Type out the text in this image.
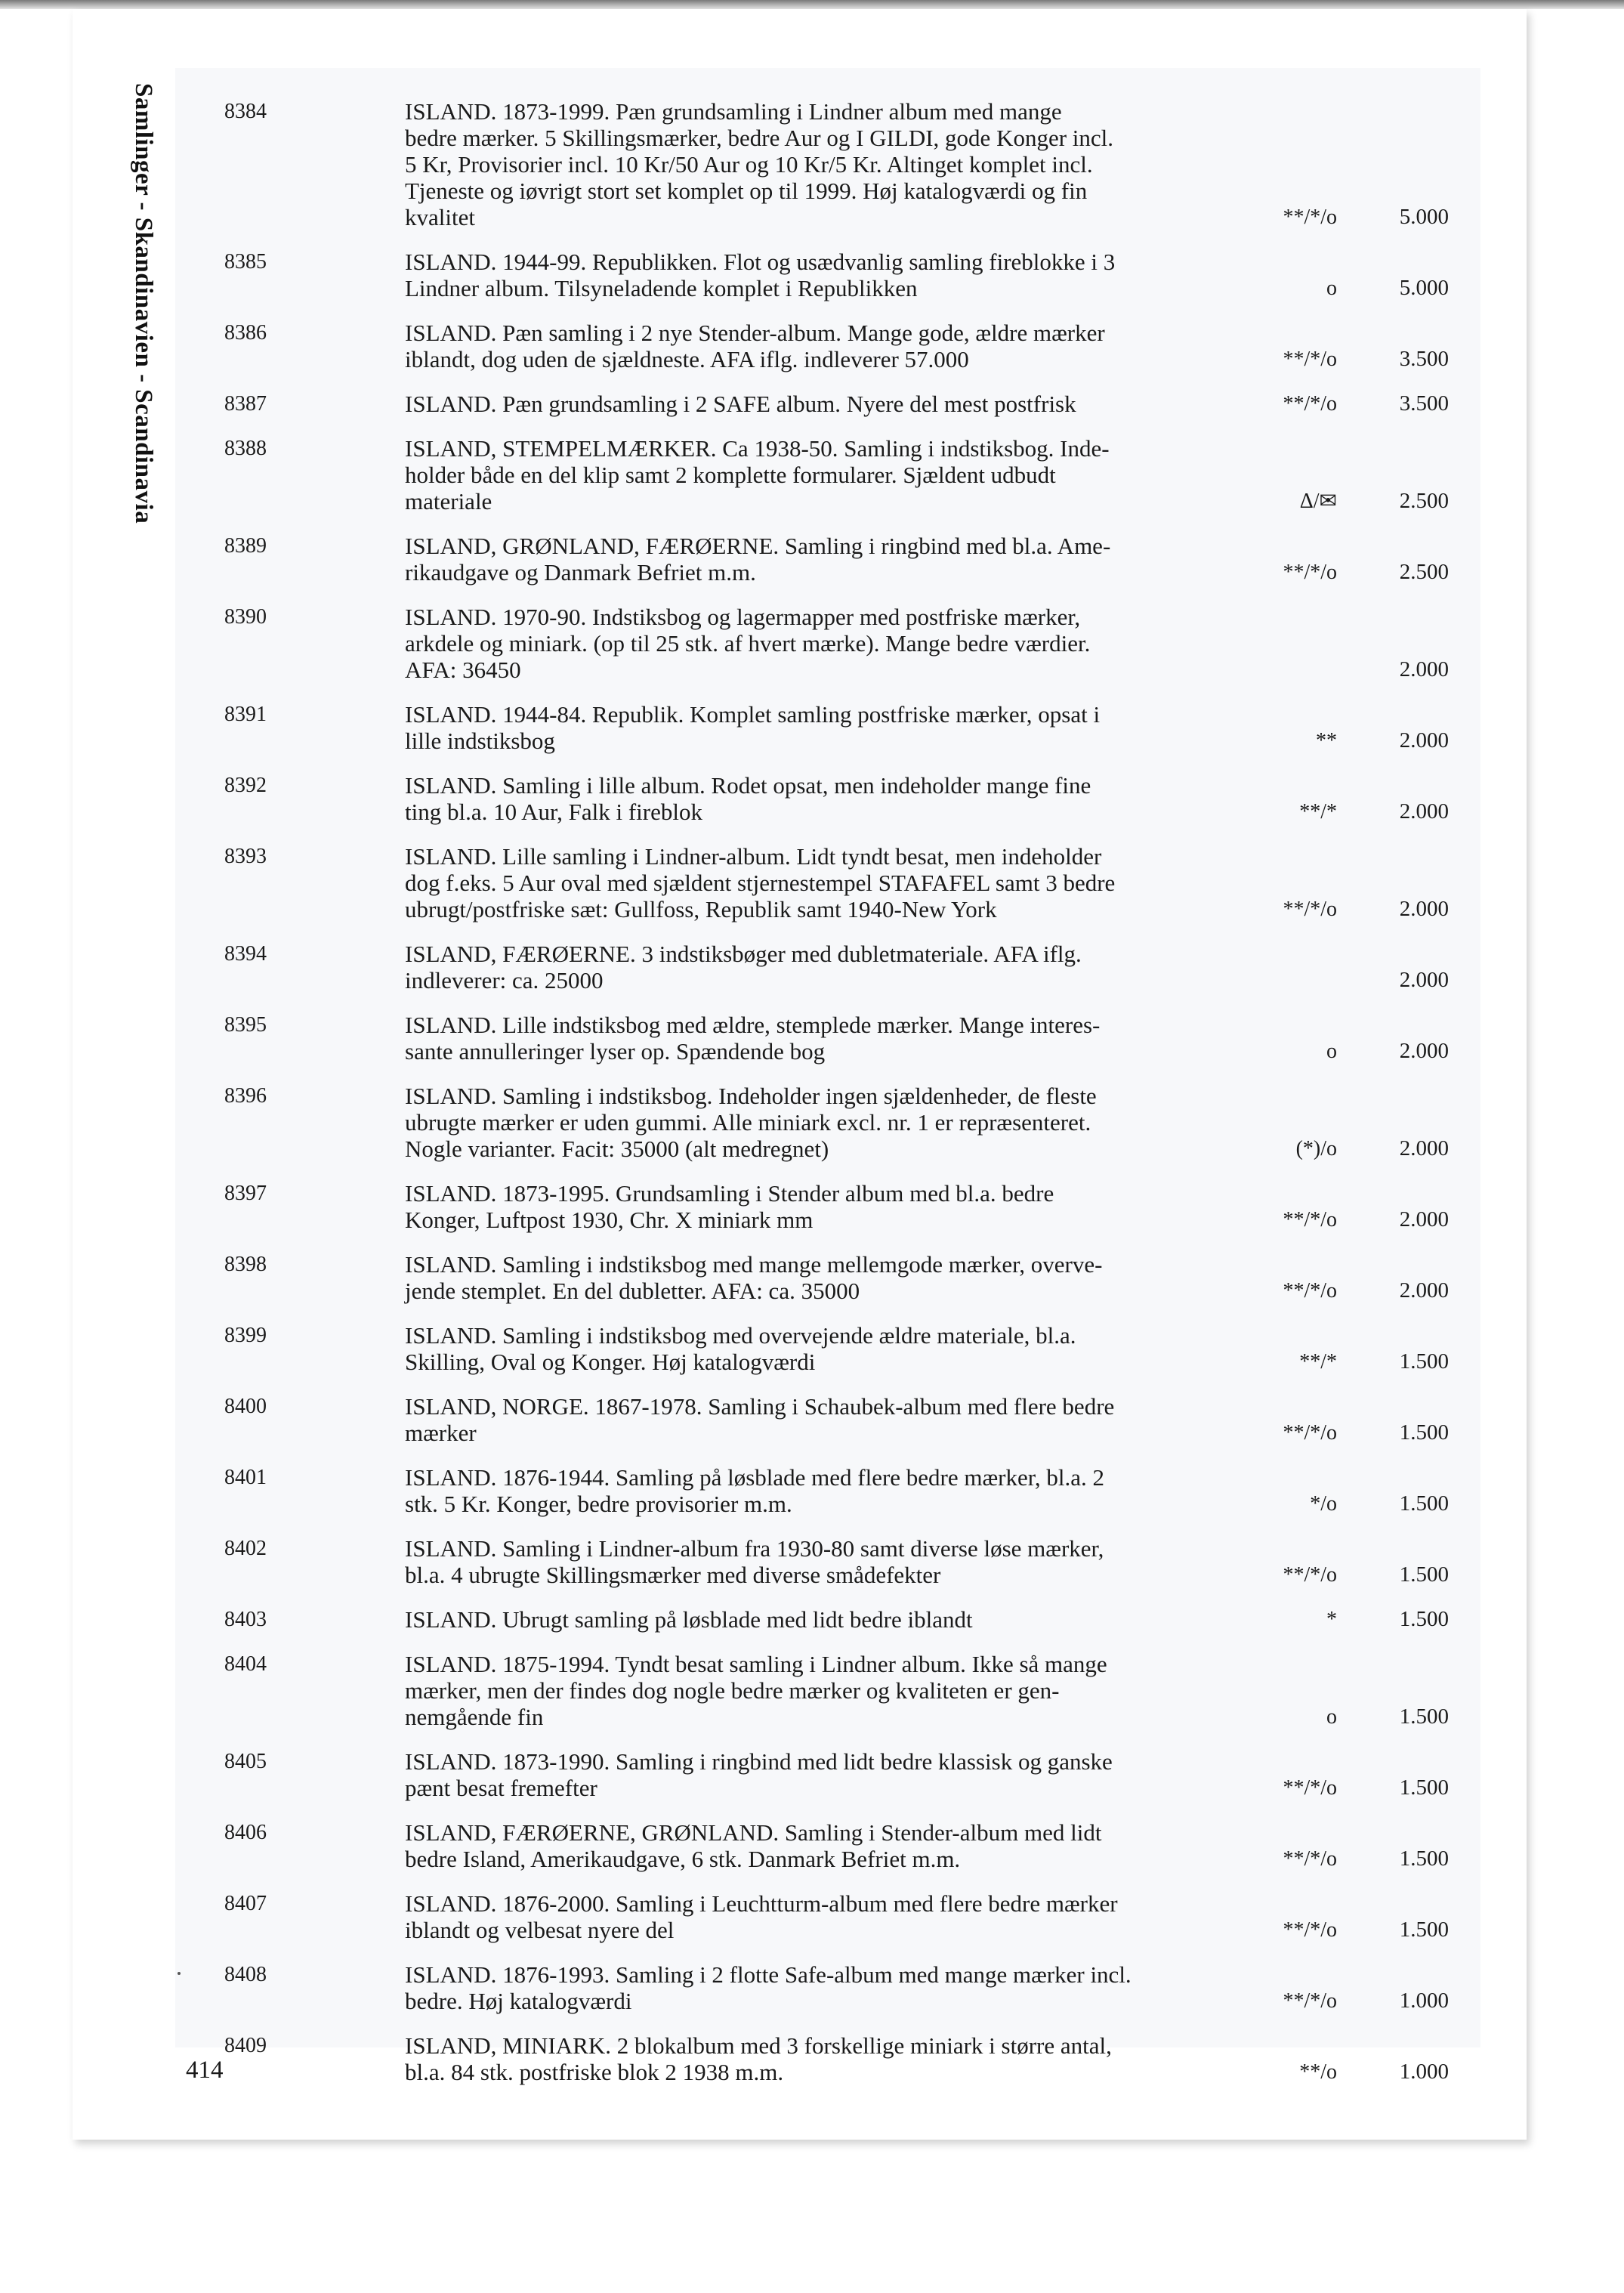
Samlinger - Skandinavien - Scandinavia	8384	ISLAND. 1873-1999. Pæn grundsamling i Lindner album med mange
bedre mærker. 5 Skillingsmærker, bedre Aur og I GILDI, gode Konger incl.
5 Kr, Provisorier incl. 10 Kr/50 Aur og 10 Kr/5 Kr. Altinget komplet incl.
Tjeneste og iøvrigt stort set komplet op til 1999. Høj katalogværdi og fin
kvalitet	**/*/o	5.000
8385	ISLAND. 1944-99. Republikken. Flot og usædvanlig samling fireblokke i 3
Lindner album. Tilsyneladende komplet i Republikken	o	5.000
8386	ISLAND. Pæn samling i 2 nye Stender-album. Mange gode, ældre mærker
iblandt, dog uden de sjældneste. AFA iflg. indleverer 57.000	**/*/o	3.500
8387	ISLAND. Pæn grundsamling i 2 SAFE album. Nyere del mest postfrisk	**/*/o	3.500
8388	ISLAND, STEMPELMÆRKER. Ca 1938-50. Samling i indstiksbog. Inde-
holder både en del klip samt 2 komplette formularer. Sjældent udbudt
materiale	Δ/✉	2.500
8389	ISLAND, GRØNLAND, FÆRØERNE. Samling i ringbind med bl.a. Ame-
rikaudgave og Danmark Befriet m.m.	**/*/o	2.500
8390	ISLAND. 1970-90. Indstiksbog og lagermapper med postfriske mærker,
arkdele og miniark. (op til 25 stk. af hvert mærke). Mange bedre værdier.
AFA: 36450	2.000
8391	ISLAND. 1944-84. Republik. Komplet samling postfriske mærker, opsat i
lille indstiksbog	**	2.000
8392	ISLAND. Samling i lille album. Rodet opsat, men indeholder mange fine
ting bl.a. 10 Aur, Falk i fireblok	**/*	2.000
8393	ISLAND. Lille samling i Lindner-album. Lidt tyndt besat, men indeholder
dog f.eks. 5 Aur oval med sjældent stjernestempel STAFAFEL samt 3 bedre
ubrugt/postfriske sæt: Gullfoss, Republik samt 1940-New York	**/*/o	2.000
8394	ISLAND, FÆRØERNE. 3 indstiksbøger med dubletmateriale. AFA iflg.
indleverer: ca. 25000	2.000
8395	ISLAND. Lille indstiksbog med ældre, stemplede mærker. Mange interes-
sante annulleringer lyser op. Spændende bog	o	2.000
8396	ISLAND. Samling i indstiksbog. Indeholder ingen sjældenheder, de fleste
ubrugte mærker er uden gummi. Alle miniark excl. nr. 1 er repræsenteret.
Nogle varianter. Facit: 35000 (alt medregnet)	(*)/o	2.000
8397	ISLAND. 1873-1995. Grundsamling i Stender album med bl.a. bedre
Konger, Luftpost 1930, Chr. X miniark mm	**/*/o	2.000
8398	ISLAND. Samling i indstiksbog med mange mellemgode mærker, overve-
jende stemplet. En del dubletter. AFA: ca. 35000	**/*/o	2.000
8399	ISLAND. Samling i indstiksbog med overvejende ældre materiale, bl.a.
Skilling, Oval og Konger. Høj katalogværdi	**/*	1.500
8400	ISLAND, NORGE. 1867-1978. Samling i Schaubek-album med flere bedre
mærker	**/*/o	1.500
8401	ISLAND. 1876-1944. Samling på løsblade med flere bedre mærker, bl.a. 2
stk. 5 Kr. Konger, bedre provisorier m.m.	*/o	1.500
8402	ISLAND. Samling i Lindner-album fra 1930-80 samt diverse løse mærker,
bl.a. 4 ubrugte Skillingsmærker med diverse smådefekter	**/*/o	1.500
8403	ISLAND. Ubrugt samling på løsblade med lidt bedre iblandt	*	1.500
8404	ISLAND. 1875-1994. Tyndt besat samling i Lindner album. Ikke så mange
mærker, men der findes dog nogle bedre mærker og kvaliteten er gen-
nemgående fin	o	1.500
8405	ISLAND. 1873-1990. Samling i ringbind med lidt bedre klassisk og ganske
pænt besat fremefter	**/*/o	1.500
8406	ISLAND, FÆRØERNE, GRØNLAND. Samling i Stender-album med lidt
bedre Island, Amerikaudgave, 6 stk. Danmark Befriet m.m.	**/*/o	1.500
8407	ISLAND. 1876-2000. Samling i Leuchtturm-album med flere bedre mærker
iblandt og velbesat nyere del	**/*/o	1.500
8408	ISLAND. 1876-1993. Samling i 2 flotte Safe-album med mange mærker incl.
bedre. Høj katalogværdi	**/*/o	1.000
8409	ISLAND, MINIARK. 2 blokalbum med 3 forskellige miniark i større antal,
bl.a. 84 stk. postfriske blok 2 1938 m.m.	**/o	1.000
414
